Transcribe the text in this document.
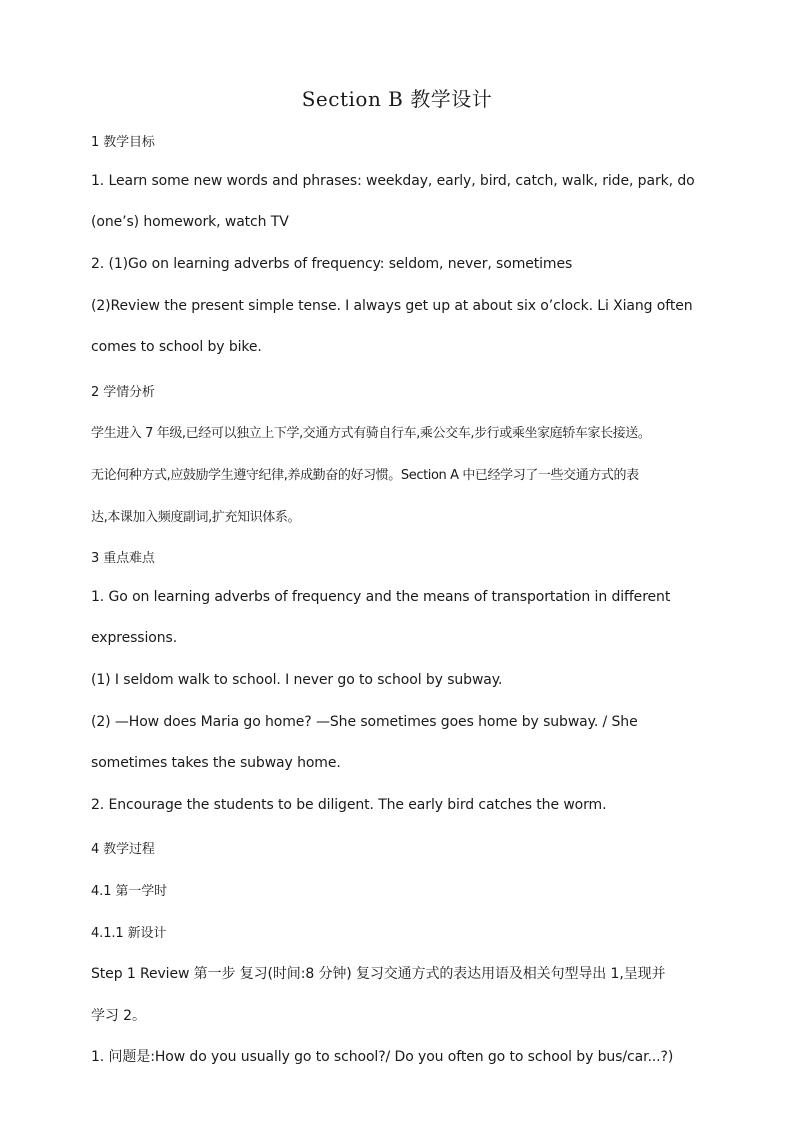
Section B 教学设计
1 教学目标
1. Learn some new words and phrases: weekday, early, bird, catch, walk, ride, park, do
(one’s) homework, watch TV
2. (1)Go on learning adverbs of frequency: seldom, never, sometimes
(2)Review the present simple tense. I always get up at about six o’clock. Li Xiang often
comes to school by bike.
2 学情分析
学生进入 7 年级,已经可以独立上下学,交通方式有骑自行车,乘公交车,步行或乘坐家庭轿车家长接送。
无论何种方式,应鼓励学生遵守纪律,养成勤奋的好习惯。Section A 中已经学习了一些交通方式的表
达,本课加入频度副词,扩充知识体系。
3 重点难点
1. Go on learning adverbs of frequency and the means of transportation in different
expressions.
(1) I seldom walk to school. I never go to school by subway.
(2) —How does Maria go home? —She sometimes goes home by subway. / She
sometimes takes the subway home.
2. Encourage the students to be diligent. The early bird catches the worm.
4 教学过程
4.1 第一学时
4.1.1 新设计
Step 1 Review 第一步 复习(时间:8 分钟) 复习交通方式的表达用语及相关句型导出 1,呈现并
学习 2。
1. 问题是:How do you usually go to school?/ Do you often go to school by bus/car...?)
